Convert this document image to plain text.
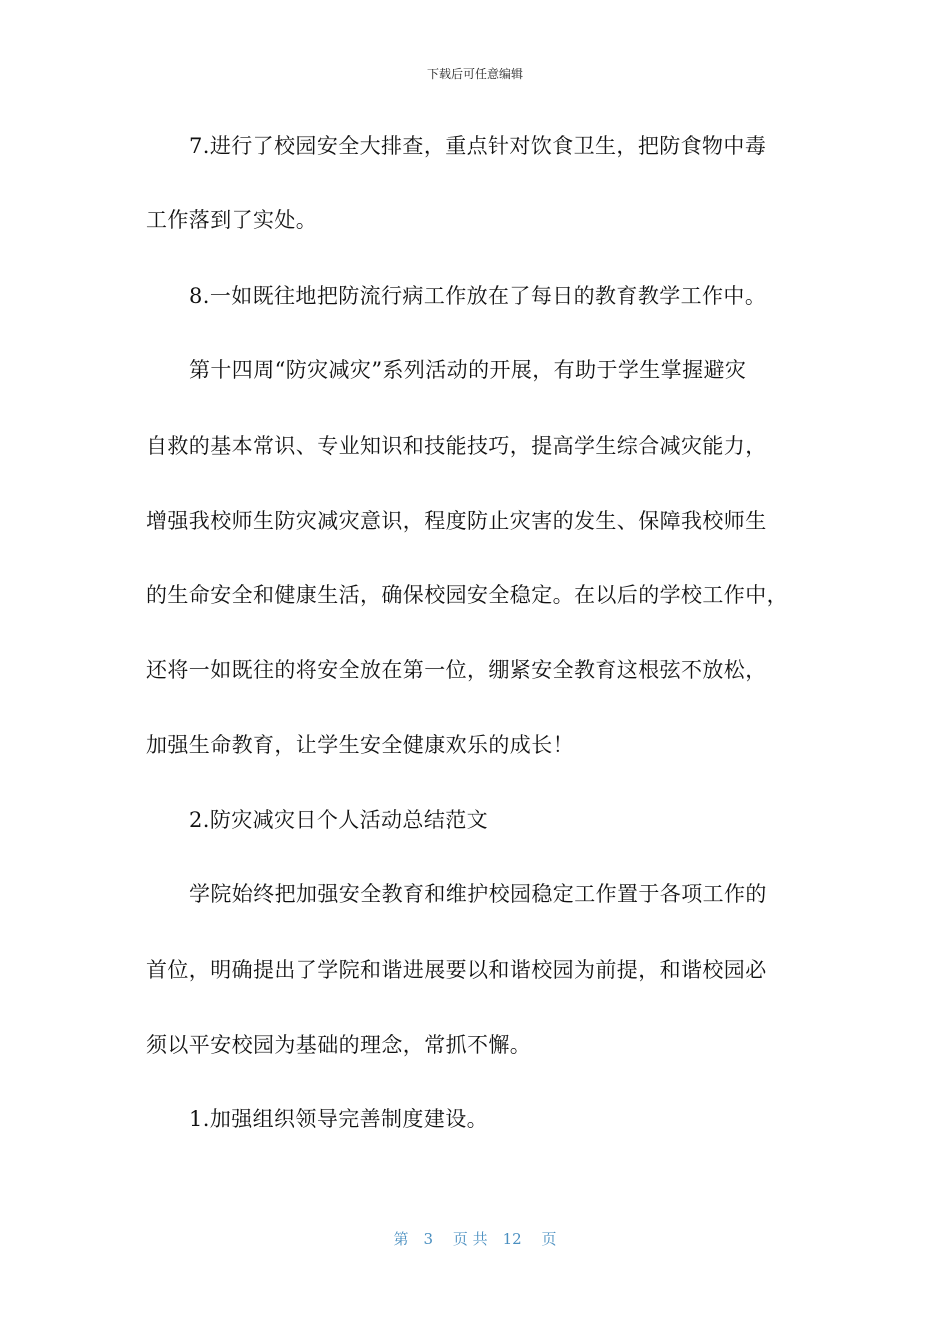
下载后可任意编辑
7.进行了校园安全大排查，重点针对饮食卫生，把防食物中毒
工作落到了实处。
8.一如既往地把防流行病工作放在了每日的教育教学工作中。
第十四周“防灾减灾”系列活动的开展，有助于学生掌握避灾
自救的基本常识、专业知识和技能技巧，提高学生综合减灾能力，
增强我校师生防灾减灾意识，程度防止灾害的发生、保障我校师生
的生命安全和健康生活，确保校园安全稳定。在以后的学校工作中，
还将一如既往的将安全放在第一位，绷紧安全教育这根弦不放松，
加强生命教育，让学生安全健康欢乐的成长！
2.防灾减灾日个人活动总结范文
学院始终把加强安全教育和维护校园稳定工作置于各项工作的
首位，明确提出了学院和谐进展要以和谐校园为前提，和谐校园必
须以平安校园为基础的理念，常抓不懈。
1.加强组织领导完善制度建设。
第　3　 页 共　12　 页
